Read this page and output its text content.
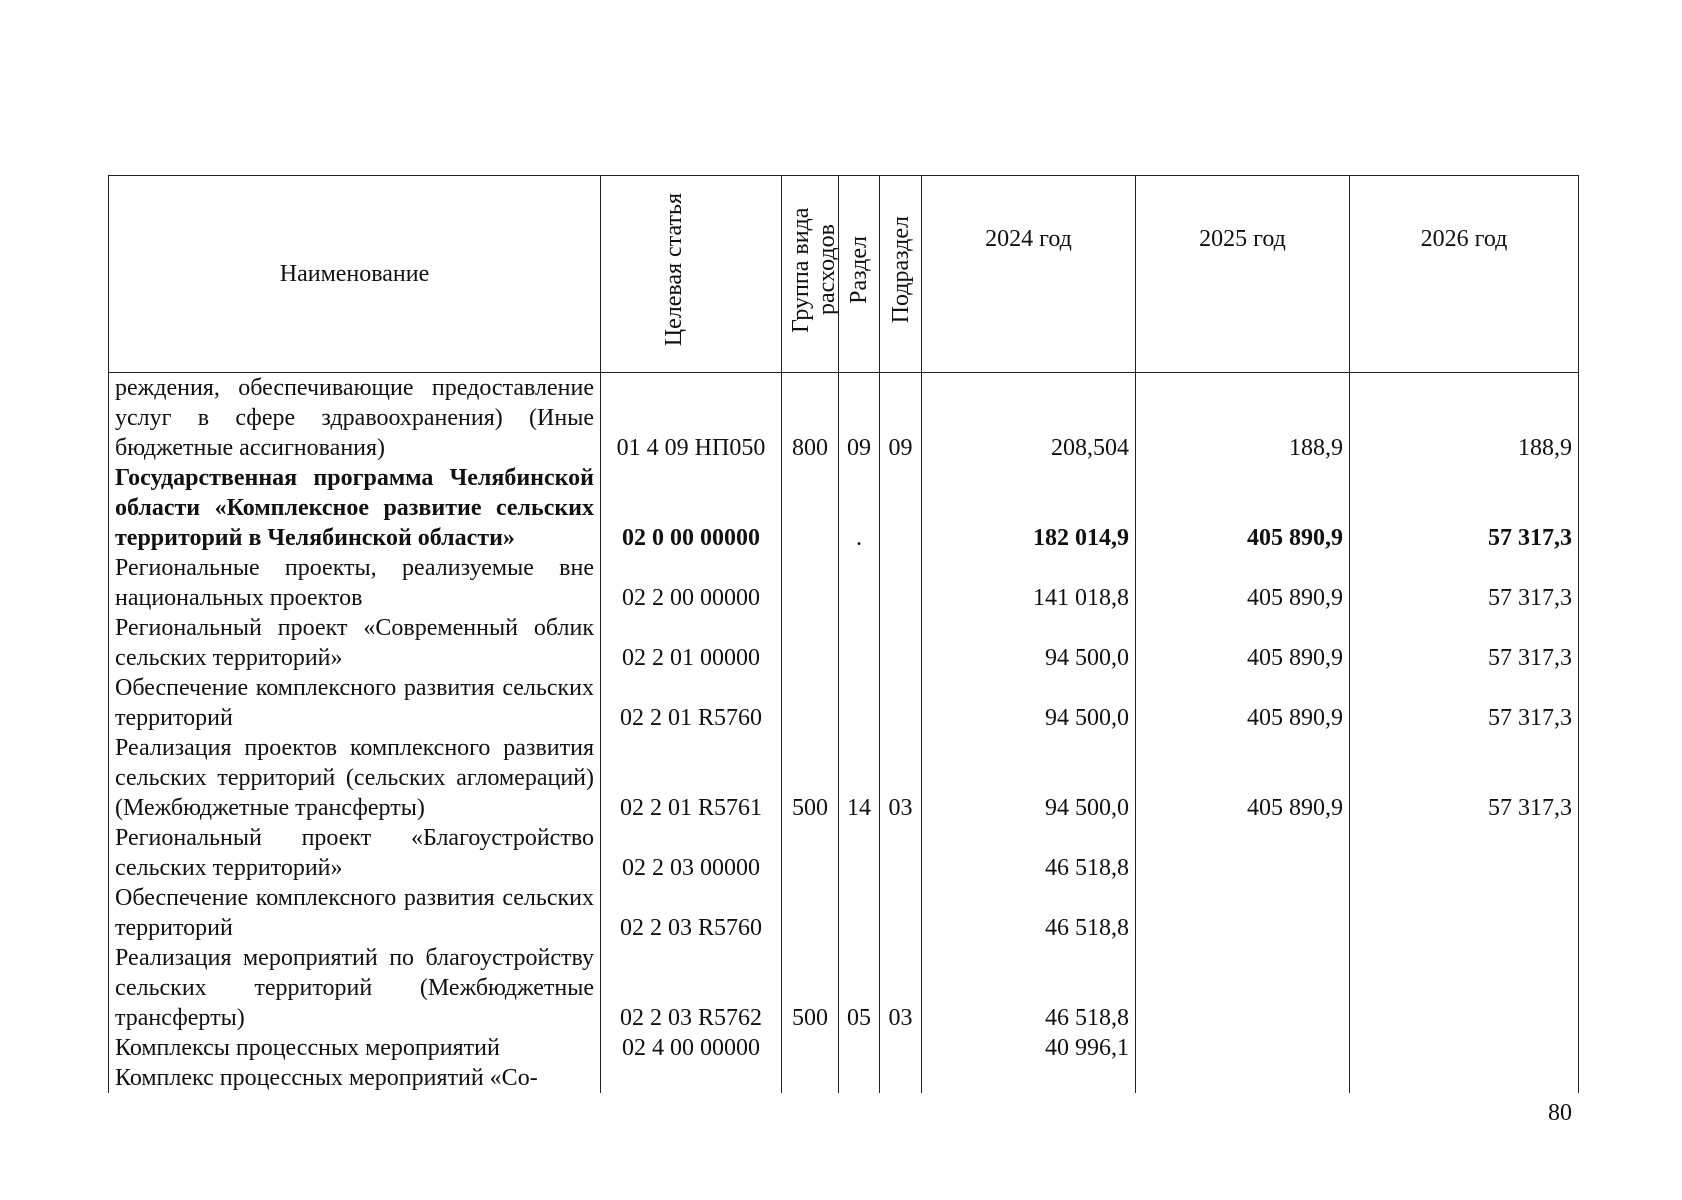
Наименование	Целевая статья	Группа вида расходов	Раздел	Подраздел	2024 год	2025 год	2026 год
реждения, обеспечивающие предоставление услуг в сфере здравоохранения) (Иные бюджетные ассигнования)	01 4 09 НП050	800	09	09	208,504	188,9	188,9
Государственная программа Челябинской области «Комплексное развитие сельских территорий в Челябинской области»	02 0 00 00000		.		182 014,9	405 890,9	57 317,3
Региональные проекты, реализуемые вне национальных проектов	02 2 00 00000				141 018,8	405 890,9	57 317,3
Региональный проект «Современный облик сельских территорий»	02 2 01 00000				94 500,0	405 890,9	57 317,3
Обеспечение комплексного развития сельских территорий	02 2 01 R5760				94 500,0	405 890,9	57 317,3
Реализация проектов комплексного развития сельских территорий (сельских агломераций) (Межбюджетные трансферты)	02 2 01 R5761	500	14	03	94 500,0	405 890,9	57 317,3
Региональный проект «Благоустройство сельских территорий»	02 2 03 00000				46 518,8		
Обеспечение комплексного развития сельских территорий	02 2 03 R5760				46 518,8		
Реализация мероприятий по благоустройству сельских территорий (Межбюджетные трансферты)	02 2 03 R5762	500	05	03	46 518,8		
Комплексы процессных мероприятий	02 4 00 00000				40 996,1		
Комплекс процессных мероприятий «Со-							
80
